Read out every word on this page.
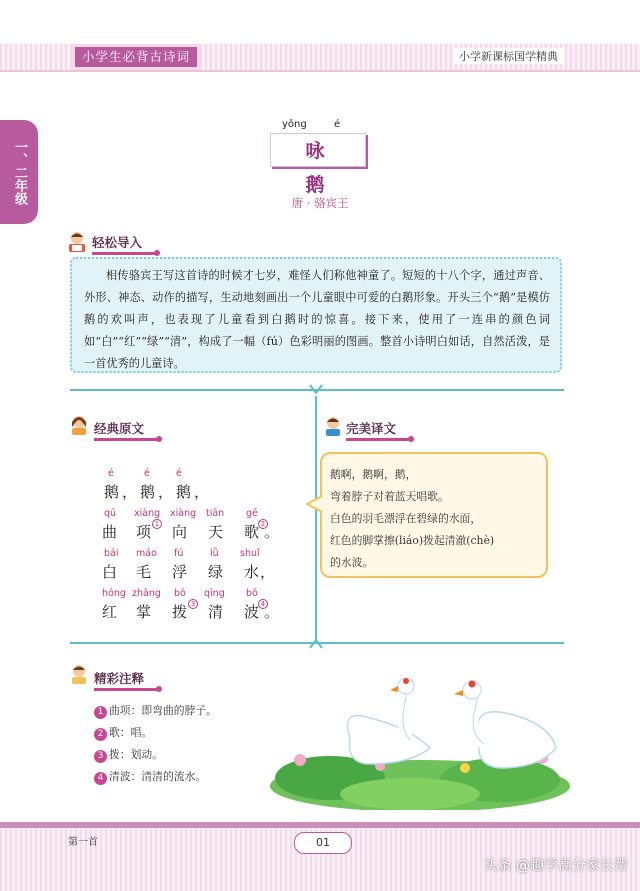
小学生必背古诗词	小学新课标国学精典
一、二年级
yǒng	é
咏 鹅
唐 · 骆宾王
轻松导入
相传骆宾王写这首诗的时候才七岁，难怪人们称他神童了。短短的十八个字，通过声音、外形、神态、动作的描写，生动地刻画出一个儿童眼中可爱的白鹅形象。开头三个“鹅”是模仿鹅的欢叫声，也表现了儿童看到白鹅时的惊喜。接下来，使用了一连串的颜色词如“白”“红”“绿”“清”，构成了一幅（fú）色彩明丽的图画。整首小诗明白如话，自然活泼，是一首优秀的儿童诗。
经典原文
é	é	é
鹅，鹅，鹅，
qū xiàng xiàng tiān gē
曲 项 1 向 天 歌 2
。
bái máo fú	lǜ shuǐ
白 毛 浮 绿 水 ，
hóng zhǎng bō qīng bō
红 掌 拨 3 清 波 4
。
完美译文
鹅啊，鹅啊，鹅，
弯着脖子对着蓝天唱歌。
白色的羽毛漂浮在碧绿的水面，
红色的脚掌擦(liáo)拨起清澈(chè)
的水波。
精彩注释
1 曲项：即弯曲的脖子。
2 歌：唱。
3 拨：划动。
4 清波：清清的流水。
第一首	01
头条 @趣学高分家长帮
